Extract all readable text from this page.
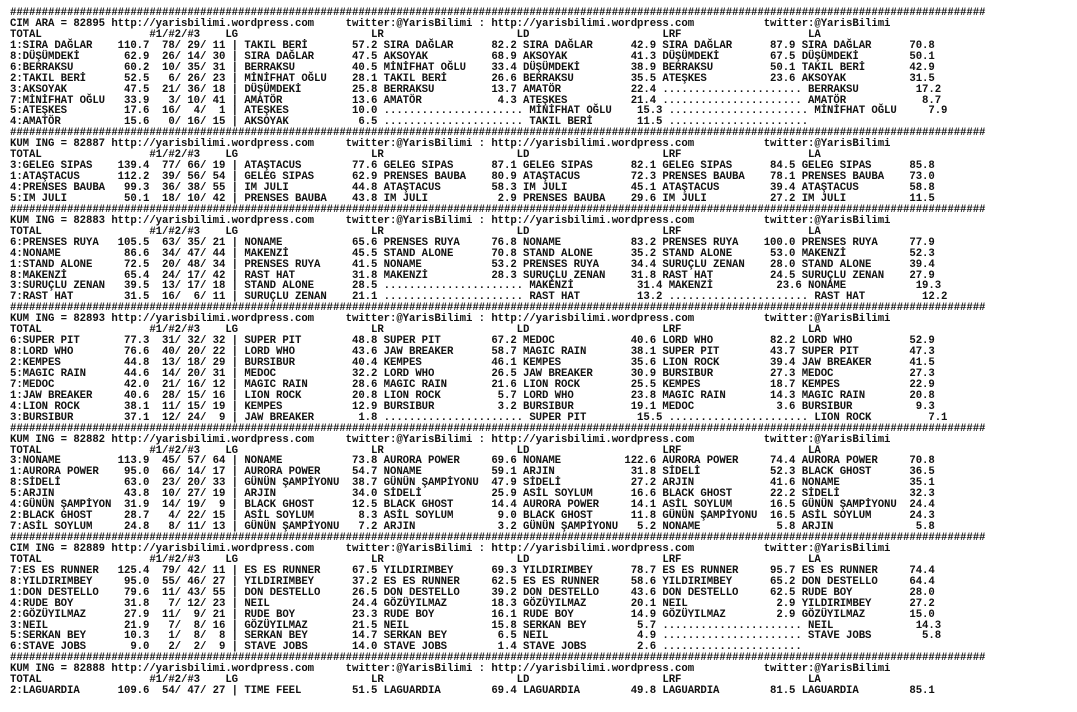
##########################################################################################################################################################
CIM ARA = 82895 http://yarisbilimi.wordpress.com     twitter:@YarisBilimi : http://yarisbilimi.wordpress.com           twitter:@YarisBilimi
TOTAL                 #1/#2/#3    LG                     LR                     LD                     LRF                    LA
1:SIRA DAĞLAR    110.7  78/ 29/ 11 | TAKIL BERİ       57.2 SIRA DAĞLAR      82.2 SIRA DAĞLAR      42.9 SIRA DAĞLAR      87.9 SIRA DAĞLAR      70.8
8:DÜŞÜMDEKİ       62.9  26/ 14/ 30 | SIRA DAĞLAR      47.5 AKSOYAK          68.9 AKSOYAK          41.3 DÜŞÜMDEKİ        67.5 DÜŞÜMDEKİ        50.1
6:BERRAKSU        60.2  10/ 35/ 31 | BERRAKSU         40.5 MİNİFHAT OĞLU    33.4 DÜŞÜMDEKİ        38.9 BERRAKSU         50.1 TAKIL BERİ       42.9
2:TAKIL BERİ      52.5   6/ 26/ 23 | MİNİFHAT OĞLU    28.1 TAKIL BERİ       26.6 BERRAKSU         35.5 ATEŞKES          23.6 AKSOYAK          31.5
3:AKSOYAK         47.5  21/ 36/ 18 | DÜŞÜMDEKİ        25.8 BERRAKSU         13.7 AMATÖR           22.4 ...................... BERRAKSU         17.2
7:MİNİFHAT OĞLU   33.9   3/ 10/ 41 | AMATÖR           13.6 AMATÖR            4.3 ATEŞKES          21.4 ...................... AMATÖR            8.7
5:ATEŞKES         17.6  16/  4/  1 | ATEŞKES          10.0 ...................... MİNİFHAT OĞLU    15.3 ...................... MİNİFHAT OĞLU     7.9
4:AMATÖR          15.6   0/ 16/ 15 | AKSOYAK           6.5 ...................... TAKIL BERİ       11.5 ......................
##########################################################################################################################################################
KUM ING = 82887 http://yarisbilimi.wordpress.com     twitter:@YarisBilimi : http://yarisbilimi.wordpress.com           twitter:@YarisBilimi
TOTAL                 #1/#2/#3    LG                     LR                     LD                     LRF                    LA
3:GELEG SIPAS    139.4  77/ 66/ 19 | ATAŞTACUS        77.6 GELEG SIPAS      87.1 GELEG SIPAS      82.1 GELEG SIPAS      84.5 GELEG SIPAS      85.8
1:ATAŞTACUS      112.2  39/ 56/ 54 | GELEG SIPAS      62.9 PRENSES BAUBA    80.9 ATAŞTACUS        72.3 PRENSES BAUBA    78.1 PRENSES BAUBA    73.0
4:PRENSES BAUBA   99.3  36/ 38/ 55 | IM JULI          44.8 ATAŞTACUS        58.3 IM JULI          45.1 ATAŞTACUS        39.4 ATAŞTACUS        58.8
5:IM JULI         50.1  18/ 10/ 42 | PRENSES BAUBA    43.8 IM JULI           2.9 PRENSES BAUBA    29.6 IM JULI          27.2 IM JULI          11.5
##########################################################################################################################################################
KUM ING = 82883 http://yarisbilimi.wordpress.com     twitter:@YarisBilimi : http://yarisbilimi.wordpress.com           twitter:@YarisBilimi
TOTAL                 #1/#2/#3    LG                     LR                     LD                     LRF                    LA
6:PRENSES RUYA   105.5  63/ 35/ 21 | NONAME           65.6 PRENSES RUYA     76.8 NONAME           83.2 PRENSES RUYA    100.0 PRENSES RUYA     77.9
4:NONAME          86.6  34/ 47/ 44 | MAKENZİ          45.5 STAND ALONE      70.8 STAND ALONE      35.2 STAND ALONE      53.0 MAKENZİ          52.3
1:STAND ALONE     72.5  20/ 48/ 34 | PRENSES RUYA     41.5 NONAME           53.2 PRENSES RUYA     34.4 SURUÇLU ZENAN    28.0 STAND ALONE      39.4
8:MAKENZİ         65.4  24/ 17/ 42 | RAST HAT         31.8 MAKENZİ          28.3 SURUÇLU ZENAN    31.8 RAST HAT         24.5 SURUÇLU ZENAN    27.9
3:SURUÇLU ZENAN   39.5  13/ 17/ 18 | STAND ALONE      28.5 ...................... MAKENZİ          31.4 MAKENZİ          23.6 NONAME           19.3
7:RAST HAT        31.5  16/  6/ 11 | SURUÇLU ZENAN    21.1 ...................... RAST HAT         13.2 ...................... RAST HAT         12.2
##########################################################################################################################################################
KUM ING = 82893 http://yarisbilimi.wordpress.com     twitter:@YarisBilimi : http://yarisbilimi.wordpress.com           twitter:@YarisBilimi
TOTAL                 #1/#2/#3    LG                     LR                     LD                     LRF                    LA
6:SUPER PIT       77.3  31/ 32/ 32 | SUPER PIT        48.8 SUPER PIT        67.2 MEDOC            40.6 LORD WHO         82.2 LORD WHO         52.9
8:LORD WHO        76.6  40/ 20/ 22 | LORD WHO         43.6 JAW BREAKER      58.7 MAGIC RAIN       38.1 SUPER PIT        43.7 SUPER PIT        47.3
2:KEMPES          44.8  13/ 18/ 29 | BURSIBUR         40.4 KEMPES           46.1 KEMPES           35.6 LION ROCK        39.4 JAW BREAKER      41.5
5:MAGIC RAIN      44.6  14/ 20/ 31 | MEDOC            32.2 LORD WHO         26.5 JAW BREAKER      30.9 BURSIBUR         27.3 MEDOC            27.3
7:MEDOC           42.0  21/ 16/ 12 | MAGIC RAIN       28.6 MAGIC RAIN       21.6 LION ROCK        25.5 KEMPES           18.7 KEMPES           22.9
1:JAW BREAKER     40.6  28/ 15/ 16 | LION ROCK        20.8 LION ROCK         5.7 LORD WHO         23.8 MAGIC RAIN       14.3 MAGIC RAIN       20.8
4:LION ROCK       38.1  11/ 15/ 19 | KEMPES           12.9 BURSIBUR          3.2 BURSIBUR         19.1 MEDOC             3.6 BURSIBUR          9.3
3:BURSIBUR        37.1  12/ 24/  9 | JAW BREAKER       1.8 ...................... SUPER PIT        15.5 ...................... LION ROCK         7.1
##########################################################################################################################################################
KUM ING = 82882 http://yarisbilimi.wordpress.com     twitter:@YarisBilimi : http://yarisbilimi.wordpress.com           twitter:@YarisBilimi
TOTAL                 #1/#2/#3    LG                     LR                     LD                     LRF                    LA
3:NONAME         113.9  45/ 57/ 64 | NONAME           73.8 AURORA POWER     69.6 NONAME          122.6 AURORA POWER     74.4 AURORA POWER     70.8
1:AURORA POWER    95.0  66/ 14/ 17 | AURORA POWER     54.7 NONAME           59.1 ARJIN            31.8 SİDELİ           52.3 BLACK GHOST      36.5
8:SİDELİ          63.0  23/ 20/ 33 | GÜNÜN ŞAMPİYONU  38.7 GÜNÜN ŞAMPİYONU  47.9 SİDELİ           27.2 ARJIN            41.6 NONAME           35.1
5:ARJIN           43.8  10/ 27/ 19 | ARJIN            34.0 SİDELİ           25.9 ASİL SOYLUM      16.6 BLACK GHOST      22.2 SİDELİ           32.3
4:GÜNÜN ŞAMPİYON  31.9  14/ 19/  9 | BLACK GHOST      12.5 BLACK GHOST      14.4 AURORA POWER     14.1 ASİL SOYLUM      16.5 GÜNÜN ŞAMPİYONU  24.4
2:BLACK GHOST     28.7   4/ 22/ 15 | ASİL SOYLUM       8.3 ASİL SOYLUM       9.0 BLACK GHOST      11.8 GÜNÜN ŞAMPİYONU  16.5 ASİL SOYLUM      24.3
7:ASİL SOYLUM     24.8   8/ 11/ 13 | GÜNÜN ŞAMPİYONU   7.2 ARJIN             3.2 GÜNÜN ŞAMPİYONU   5.2 NONAME            5.8 ARJIN             5.8
##########################################################################################################################################################
CIM ING = 82889 http://yarisbilimi.wordpress.com     twitter:@YarisBilimi : http://yarisbilimi.wordpress.com           twitter:@YarisBilimi
TOTAL                 #1/#2/#3    LG                     LR                     LD                     LRF                    LA
7:ES ES RUNNER   125.4  79/ 42/ 11 | ES ES RUNNER     67.5 YILDIRIMBEY      69.3 YILDIRIMBEY      78.7 ES ES RUNNER     95.7 ES ES RUNNER     74.4
8:YILDIRIMBEY     95.0  55/ 46/ 27 | YILDIRIMBEY      37.2 ES ES RUNNER     62.5 ES ES RUNNER     58.6 YILDIRIMBEY      65.2 DON DESTELLO     64.4
1:DON DESTELLO    79.6  11/ 43/ 55 | DON DESTELLO     26.5 DON DESTELLO     39.2 DON DESTELLO     43.6 DON DESTELLO     62.5 RUDE BOY         28.0
4:RUDE BOY        31.8   7/ 12/ 23 | NEIL             24.4 GÖZÜYILMAZ       18.3 GÖZÜYILMAZ       20.1 NEIL              2.9 YILDIRIMBEY      27.2
2:GÖZÜYILMAZ      27.9  11/  9/ 21 | RUDE BOY         23.3 RUDE BOY         16.1 RUDE BOY         14.9 GÖZÜYILMAZ        2.9 GÖZÜYILMAZ       15.0
3:NEIL            21.9   7/  8/ 16 | GÖZÜYILMAZ       21.5 NEIL             15.8 SERKAN BEY        5.7 ...................... NEIL             14.3
5:SERKAN BEY      10.3   1/  8/  8 | SERKAN BEY       14.7 SERKAN BEY        6.5 NEIL              4.9 ...................... STAVE JOBS        5.8
6:STAVE JOBS       9.0   2/  2/  9 | STAVE JOBS       14.0 STAVE JOBS        1.4 STAVE JOBS        2.6 ......................
##########################################################################################################################################################
KUM ING = 82888 http://yarisbilimi.wordpress.com     twitter:@YarisBilimi : http://yarisbilimi.wordpress.com           twitter:@YarisBilimi
TOTAL                 #1/#2/#3    LG                     LR                     LD                     LRF                    LA
2:LAGUARDIA      109.6  54/ 47/ 27 | TIME FEEL        51.5 LAGUARDIA        69.4 LAGUARDIA        49.8 LAGUARDIA        81.5 LAGUARDIA        85.1
